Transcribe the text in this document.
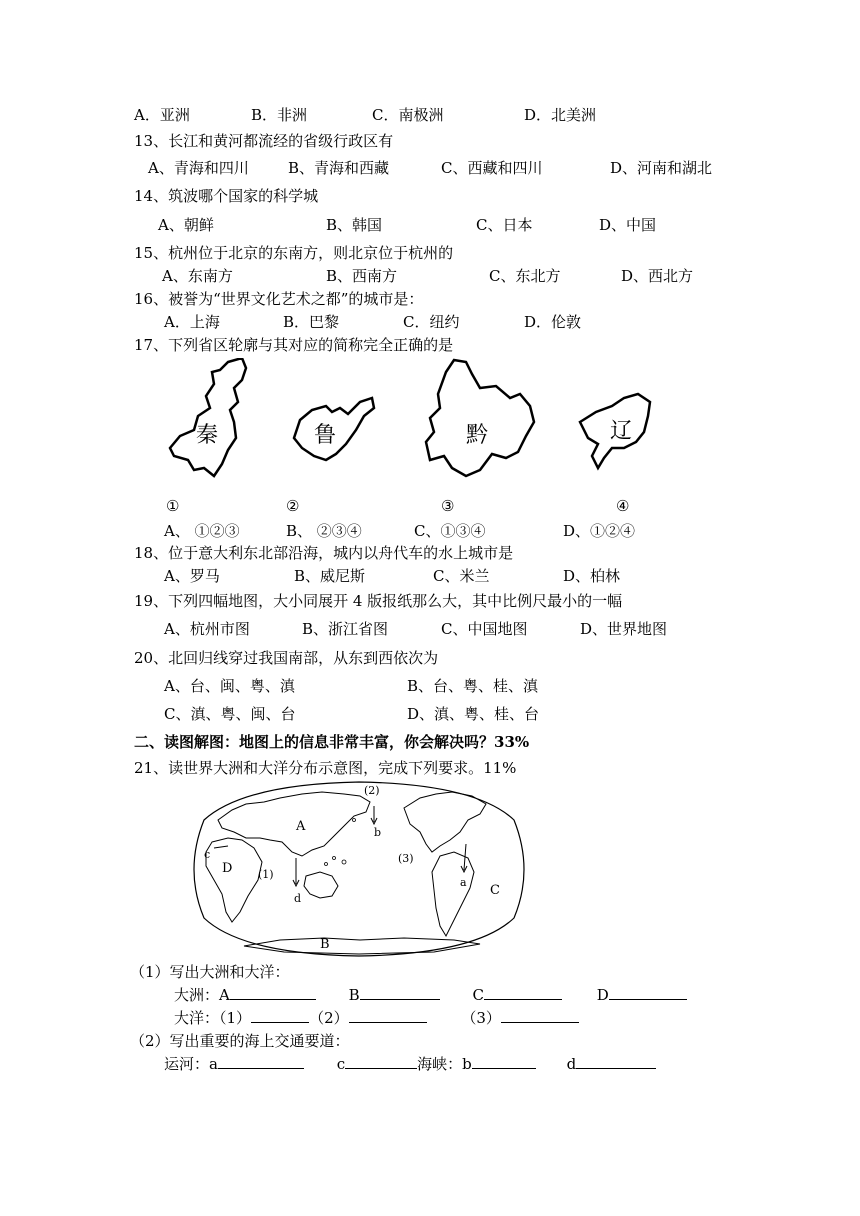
A．亚洲	B．非洲	C．南极洲	D．北美洲
13、长江和黄河都流经的省级行政区有
A、青海和四川	B、青海和西藏	C、西藏和四川	D、河南和湖北
14、筑波哪个国家的科学城
A、朝鲜	B、韩国	C、日本	D、中国
15、杭州位于北京的东南方，则北京位于杭州的
A、东南方	B、西南方	C、东北方	D、西北方
16、被誉为“世界文化艺术之都”的城市是：
A．上海	B．巴黎	C．纽约	D．伦敦
17、下列省区轮廓与其对应的简称完全正确的是
秦	鲁	黔	辽
①	②	③	④
A、 ①②③	B、 ②③④	C、①③④	D、①②④
18、位于意大利东北部沿海，城内以舟代车的水上城市是
A、罗马	B、威尼斯	C、米兰	D、柏林
19、下列四幅地图，大小同展开 4 版报纸那么大，其中比例尺最小的一幅
A、杭州市图	B、浙江省图	C、中国地图	D、世界地图
20、北回归线穿过我国南部，从东到西依次为
A、台、闽、粤、滇	B、台、粤、桂、滇
C、滇、粤、闽、台	D、滇、粤、桂、台
二、读图解图：地图上的信息非常丰富，你会解决吗？33%
21、读世界大洲和大洋分布示意图，完成下列要求。11%
A
B
C
D (1)
(2)
(3)
a
b
c
d
（1）写出大洲和大洋：
大洲：A	B	C	D
大洋：（1）	（2）	（3）
（2）写出重要的海上交通要道：
运河：a	c	海峡：b	d
